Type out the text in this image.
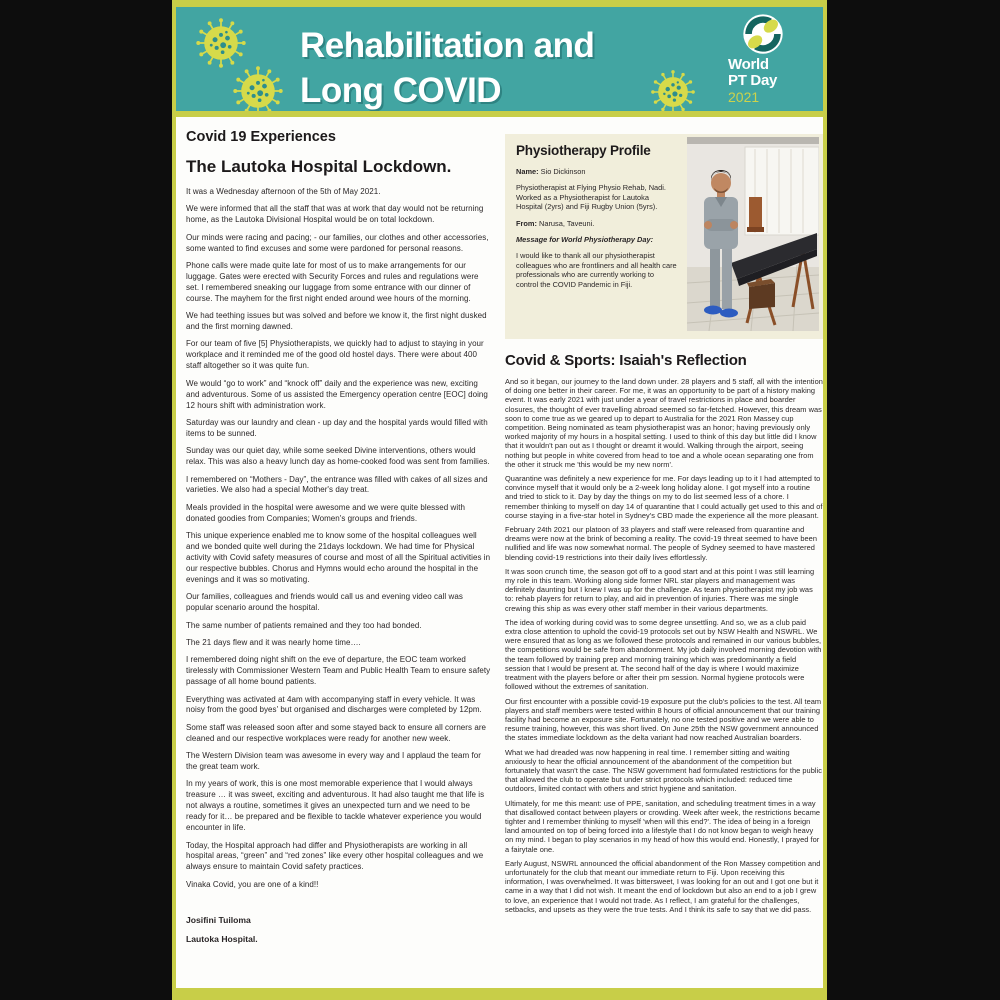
Rehabilitation and
Long COVID
World
PT Day
2021
Covid 19 Experiences
The Lautoka Hospital Lockdown.

It was a Wednesday afternoon of the 5th of May 2021.

We were informed that all the staff that was at work that day would not be returning home, as the Lautoka Divisional Hospital would be on total lockdown.

Our minds were racing and pacing; - our families, our clothes and other accessories, some wanted to find excuses and some were pardoned for personal reasons.

Phone calls were made quite late for most of us to make arrangements for our luggage. Gates were erected with Security Forces and rules and regulations were set. I remembered sneaking our luggage from some entrance with our dinner of course. The mayhem for the first night ended around wee hours of the morning.

We had teething issues but was solved and before we know it, the first night dusked and the first morning dawned.

For our team of five [5] Physiotherapists, we quickly had to adjust to staying in your workplace and it reminded me of the good old hostel days. There were about 400 staff altogether so it was quite fun.

We would “go to work” and “knock off” daily and the experience was new, exciting and adventurous. Some of us assisted the Emergency operation centre [EOC] doing 12 hours shift with administration work.

Saturday was our laundry and clean - up day and the hospital yards would filled with items to be sunned.

Sunday was our quiet day, while some seeked Divine interventions, others would relax. This was also a heavy lunch day as home-cooked food was sent from families.

I remembered on “Mothers - Day”, the entrance was filled with cakes of all sizes and varieties. We also had a special Mother's day treat.

Meals provided in the hospital were awesome and we were quite blessed with donated goodies from Companies; Women's groups and friends.

This unique experience enabled me to know some of the hospital colleagues well and we bonded quite well during the 21days lockdown. We had time for Physical activity with Covid safety measures of course and most of all the Spiritual activities in our respective bubbles. Chorus and Hymns would echo around the hospital in the evenings and it was so motivating.

Our families, colleagues and friends would call us and evening video call was popular scenario around the hospital.

The same number of patients remained and they too had bonded.

The 21 days flew and it was nearly home time….

I remembered doing night shift on the eve of departure, the EOC team worked tirelessly with Commissioner Western Team and Public Health Team to ensure safety passage of all home bound patients.

Everything was activated at 4am with accompanying staff in every vehicle. It was noisy from the good byes' but organised and discharges were completed by 12pm.

Some staff was released soon after and some stayed back to ensure all corners are cleaned and our respective workplaces were ready for another new week.

The Western Division team was awesome in every way and I applaud the team for the great team work.

In my years of work, this is one most memorable experience that I would always treasure … it was sweet, exciting and adventurous. It had also taught me that life is not always a routine, sometimes it gives an unexpected turn and we need to be ready for it… be prepared and be flexible to tackle whatever experience you would encounter in life.

Today, the Hospital approach had differ and Physiotherapists are working in all hospital areas, “green” and “red zones” like every other hospital colleagues and we always ensure to maintain Covid safety practices.

Vinaka Covid, you are one of a kind!!

Josifini Tuiloma

Lautoka Hospital.

Physiotherapy Profile

Name: Sio Dickinson

Physiotherapist at Flying Physio Rehab, Nadi. Worked as a Physiotherapist for Lautoka Hospital (2yrs) and Fiji Rugby Union (5yrs).

From: Narusa, Taveuni.

Message for World Physiotherapy Day:

I would like to thank all our physiotherapist colleagues who are frontliners and all health care professionals who are currently working to control the COVID Pandemic in Fiji.

Covid & Sports: Isaiah's Reflection

And so it began, our journey to the land down under. 28 players and 5 staff, all with the intention of doing one better in their career. For me, it was an opportunity to be part of a history making event. It was early 2021 with just under a year of travel restrictions in place and boarder closures, the thought of ever travelling abroad seemed so far-fetched. However, this dream was soon to come true as we geared up to depart to Australia for the 2021 Ron Massey cup competition. Being nominated as team physiotherapist was an honor; having previously only worked majority of my hours in a hospital setting. I used to think of this day but little did I know that it wouldn't pan out as I thought or dreamt it would. Walking through the airport, seeing nothing but people in white covered from head to toe and a whole ocean separating one from the other it struck me 'this would be my new norm'.

Quarantine was definitely a new experience for me. For days leading up to it I had attempted to convince myself that it would only be a 2-week long holiday alone. I got myself into a routine and tried to stick to it. Day by day the things on my to do list seemed less of a chore. I remember thinking to myself on day 14 of quarantine that I could actually get used to this and of course staying in a five-star hotel in Sydney's CBD made the experience all the more pleasant.

February 24th 2021 our platoon of 33 players and staff were released from quarantine and dreams were now at the brink of becoming a reality. The covid-19 threat seemed to have been nullified and life was now somewhat normal. The people of Sydney seemed to have mastered blending covid-19 restrictions into their daily lives effortlessly.

It was soon crunch time, the season got off to a good start and at this point I was still learning my role in this team. Working along side former NRL star players and management was definitely daunting but I knew I was up for the challenge. As team physiotherapist my job was to: rehab players for return to play, and aid in prevention of injuries. There was me single crewing this ship as was every other staff member in their various departments.

The idea of working during covid was to some degree unsettling. And so, we as a club paid extra close attention to uphold the covid-19 protocols set out by NSW Health and NSWRL. We were ensured that as long as we followed these protocols and remained in our various bubbles, the competitions would be safe from abandonment. My job daily involved morning devotion with the team followed by training prep and morning training which was predominantly a field session that I would be present at. The second half of the day is where I would maximize treatment with the players before or after their pm session. Normal hygiene protocols were followed without the extremes of sanitation.

Our first encounter with a possible covid-19 exposure put the club's policies to the test. All team players and staff members were tested within 8 hours of official announcement that our training facility had become an exposure site. Fortunately, no one tested positive and we were able to resume training, however, this was short lived. On June 25th the NSW government announced the states immediate lockdown as the delta variant had now reached Australian boarders.

What we had dreaded was now happening in real time. I remember sitting and waiting anxiously to hear the official announcement of the abandonment of the competition but fortunately that wasn't the case. The NSW government had formulated restrictions for the public that allowed the club to operate but under strict protocols which included: reduced time outdoors, limited contact with others and strict hygiene and sanitation.

Ultimately, for me this meant: use of PPE, sanitation, and scheduling treatment times in a way that disallowed contact between players or crowding. Week after week, the restrictions became tighter and I remember thinking to myself 'when will this end?'. The idea of being in a foreign land amounted on top of being forced into a lifestyle that I do not know began to weigh heavy on my mind. I began to play scenarios in my head of how this would end. Honestly, I prayed for a fairytale one.

Early August, NSWRL announced the official abandonment of the Ron Massey competition and unfortunately for the club that meant our immediate return to Fiji. Upon receiving this information, I was overwhelmed. It was bittersweet, I was looking for an out and I got one but it came in a way that I did not wish. It meant the end of lockdown but also an end to a job I grew to love, an experience that I would not trade. As I reflect, I am grateful for the challenges, setbacks, and upsets as they were the true tests. And I think its safe to say that we did pass.
